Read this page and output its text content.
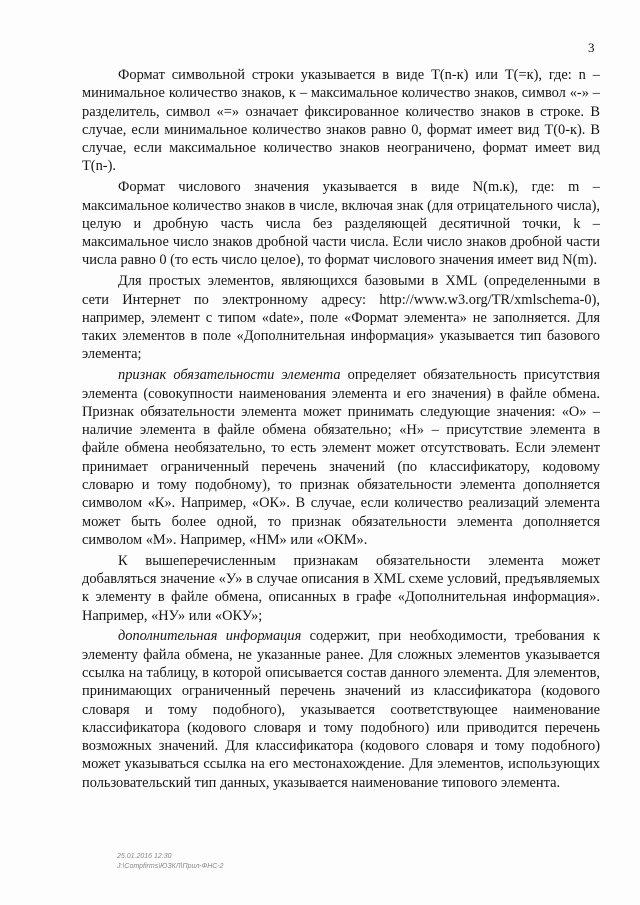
3

Формат символьной строки указывается в виде T(n-к) или T(=к), где: n – минимальное количество знаков, к – максимальное количество знаков, символ «-» – разделитель, символ «=» означает фиксированное количество знаков в строке. В случае, если минимальное количество знаков равно 0, формат имеет вид T(0-к). В случае, если максимальное количество знаков неограничено, формат имеет вид T(n-).

Формат числового значения указывается в виде N(m.к), где: m – максимальное количество знаков в числе, включая знак (для отрицательного числа), целую и дробную часть числа без разделяющей десятичной точки, k – максимальное число знаков дробной части числа. Если число знаков дробной части числа равно 0 (то есть число целое), то формат числового значения имеет вид N(m).

Для простых элементов, являющихся базовыми в XML (определенными в сети Интернет по электронному адресу: http://www.w3.org/TR/xmlschema-0), например, элемент с типом «date», поле «Формат элемента» не заполняется. Для таких элементов в поле «Дополнительная информация» указывается тип базового элемента;

признак обязательности элемента определяет обязательность присутствия элемента (совокупности наименования элемента и его значения) в файле обмена. Признак обязательности элемента может принимать следующие значения: «О» – наличие элемента в файле обмена обязательно; «Н» – присутствие элемента в файле обмена необязательно, то есть элемент может отсутствовать. Если элемент принимает ограниченный перечень значений (по классификатору, кодовому словарю и тому подобному), то признак обязательности элемента дополняется символом «К». Например, «ОК». В случае, если количество реализаций элемента может быть более одной, то признак обязательности элемента дополняется символом «М». Например, «НМ» или «ОКМ».

К вышеперечисленным признакам обязательности элемента может добавляться значение «У» в случае описания в XML схеме условий, предъявляемых к элементу в файле обмена, описанных в графе «Дополнительная информация». Например, «НУ» или «ОКУ»;

дополнительная информация содержит, при необходимости, требования к элементу файла обмена, не указанные ранее. Для сложных элементов указывается ссылка на таблицу, в которой описывается состав данного элемента. Для элементов, принимающих ограниченный перечень значений из классификатора (кодового словаря и тому подобного), указывается соответствующее наименование классификатора (кодового словаря и тому подобного) или приводится перечень возможных значений. Для классификатора (кодового словаря и тому подобного) может указываться ссылка на его местонахождение. Для элементов, использующих пользовательский тип данных, указывается наименование типового элемента.

25.01.2016 12:30
J:\Compfirms\ЮЗКЛ\Прил-ФНС-2
